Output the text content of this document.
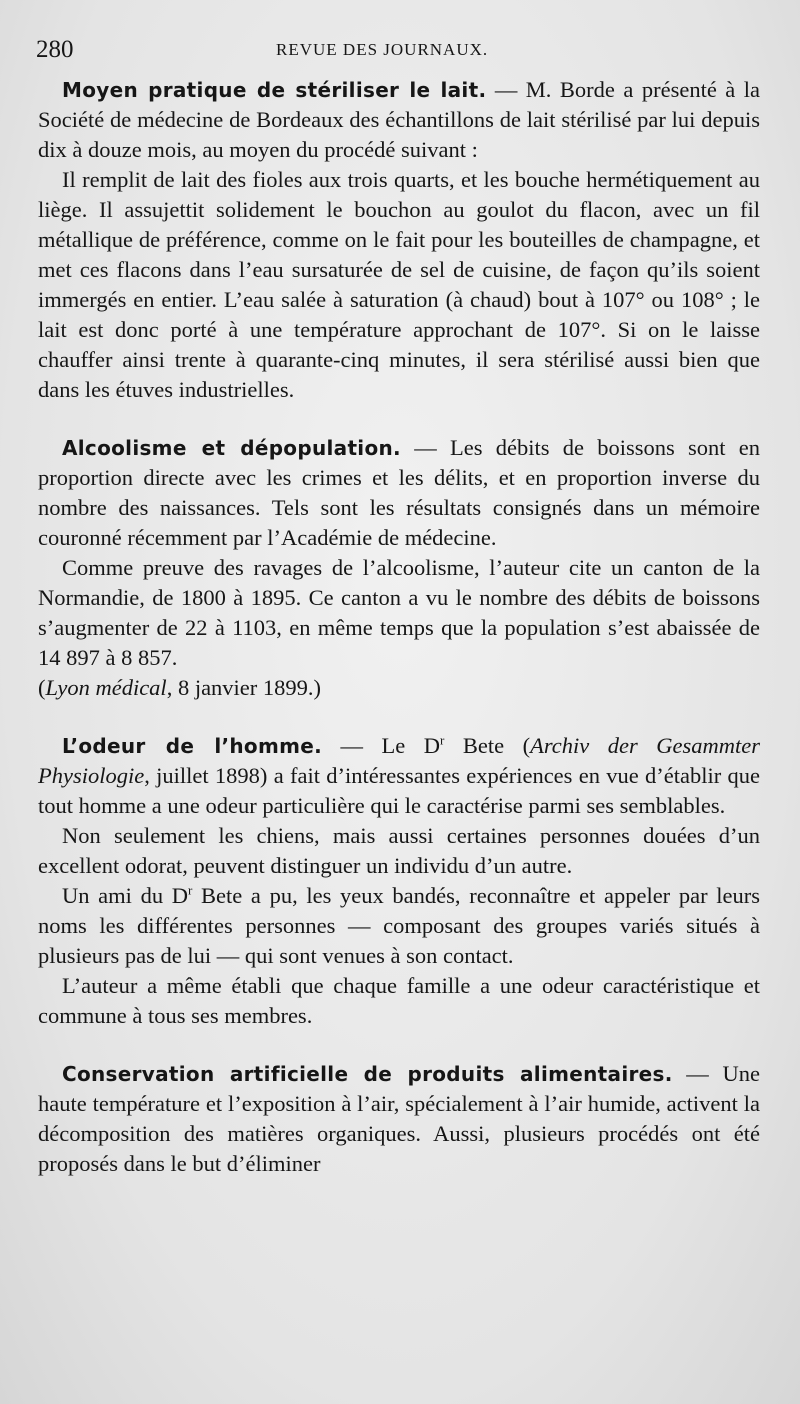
280	REVUE DES JOURNAUX.

Moyen pratique de stériliser le lait. — M. Borde a présenté à la Société de médecine de Bordeaux des échantillons de lait stérilisé par lui depuis dix à douze mois, au moyen du procédé suivant :

Il remplit de lait des fioles aux trois quarts, et les bouche hermétiquement au liège. Il assujettit solidement le bouchon au goulot du flacon, avec un fil métallique de préférence, comme on le fait pour les bouteilles de champagne, et met ces flacons dans l’eau sursaturée de sel de cuisine, de façon qu’ils soient immergés en entier. L’eau salée à saturation (à chaud) bout à 107° ou 108° ; le lait est donc porté à une température approchant de 107°. Si on le laisse chauffer ainsi trente à quarante-cinq minutes, il sera stérilisé aussi bien que dans les étuves industrielles.

Alcoolisme et dépopulation. — Les débits de boissons sont en proportion directe avec les crimes et les délits, et en proportion inverse du nombre des naissances. Tels sont les résultats consignés dans un mémoire couronné récemment par l’Académie de médecine.

Comme preuve des ravages de l’alcoolisme, l’auteur cite un canton de la Normandie, de 1800 à 1895. Ce canton a vu le nombre des débits de boissons s’augmenter de 22 à 1103, en même temps que la population s’est abaissée de 14 897 à 8 857.

(Lyon médical, 8 janvier 1899.)

L’odeur de l’homme. — Le $D^r$ Bete (Archiv der Gesammter Physiologie, juillet 1898) a fait d’intéressantes expériences en vue d’établir que tout homme a une odeur particulière qui le caractérise parmi ses semblables.

Non seulement les chiens, mais aussi certaines personnes douées d’un excellent odorat, peuvent distinguer un individu d’un autre.

Un ami du $D^r$ Bete a pu, les yeux bandés, reconnaître et appeler par leurs noms les différentes personnes — composant des groupes variés situés à plusieurs pas de lui — qui sont venues à son contact.

L’auteur a même établi que chaque famille a une odeur caractéristique et commune à tous ses membres.

Conservation artificielle de produits alimentaires. — Une haute température et l’exposition à l’air, spécialement à l’air humide, activent la décomposition des matières organiques. Aussi, plusieurs procédés ont été proposés dans le but d’éliminer
